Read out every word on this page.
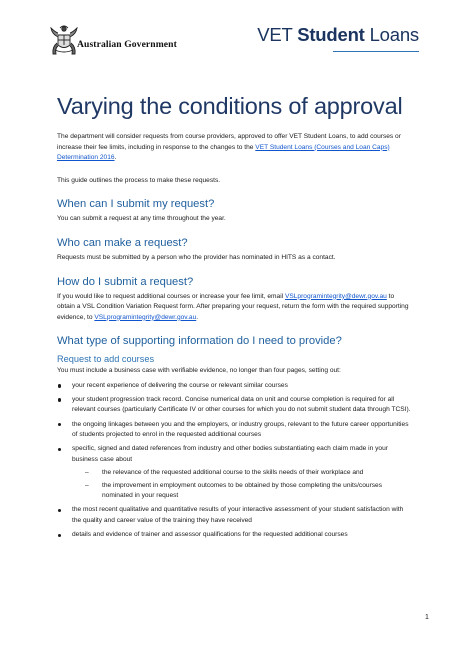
Australian Government	VET Student Loans
Varying the conditions of approval

The department will consider requests from course providers, approved to offer VET Student Loans, to add courses or increase their fee limits, including in response to the changes to the VET Student Loans (Courses and Loan Caps) Determination 2016.

This guide outlines the process to make these requests.

When can I submit my request?

You can submit a request at any time throughout the year.

Who can make a request?

Requests must be submitted by a person who the provider has nominated in HITS as a contact.

How do I submit a request?

If you would like to request additional courses or increase your fee limit, email VSLprogramintegrity@dewr.gov.au to obtain a VSL Condition Variation Request form. After preparing your request, return the form with the required supporting evidence, to VSLprogramintegrity@dewr.gov.au.

What type of supporting information do I need to provide?
Request to add courses

You must include a business case with verifiable evidence, no longer than four pages, setting out:

your recent experience of delivering the course or relevant similar courses
your student progression track record. Concise numerical data on unit and course completion is required for all relevant courses (particularly Certificate IV or other courses for which you do not submit student data through TCSI).
the ongoing linkages between you and the employers, or industry groups, relevant to the future career opportunities of students projected to enrol in the requested additional courses
specific, signed and dated references from industry and other bodies substantiating each claim made in your business case about
– the relevance of the requested additional course to the skills needs of their workplace and
– the improvement in employment outcomes to be obtained by those completing the units/courses nominated in your request
the most recent qualitative and quantitative results of your interactive assessment of your student satisfaction with the quality and career value of the training they have received
details and evidence of trainer and assessor qualifications for the requested additional courses
1
